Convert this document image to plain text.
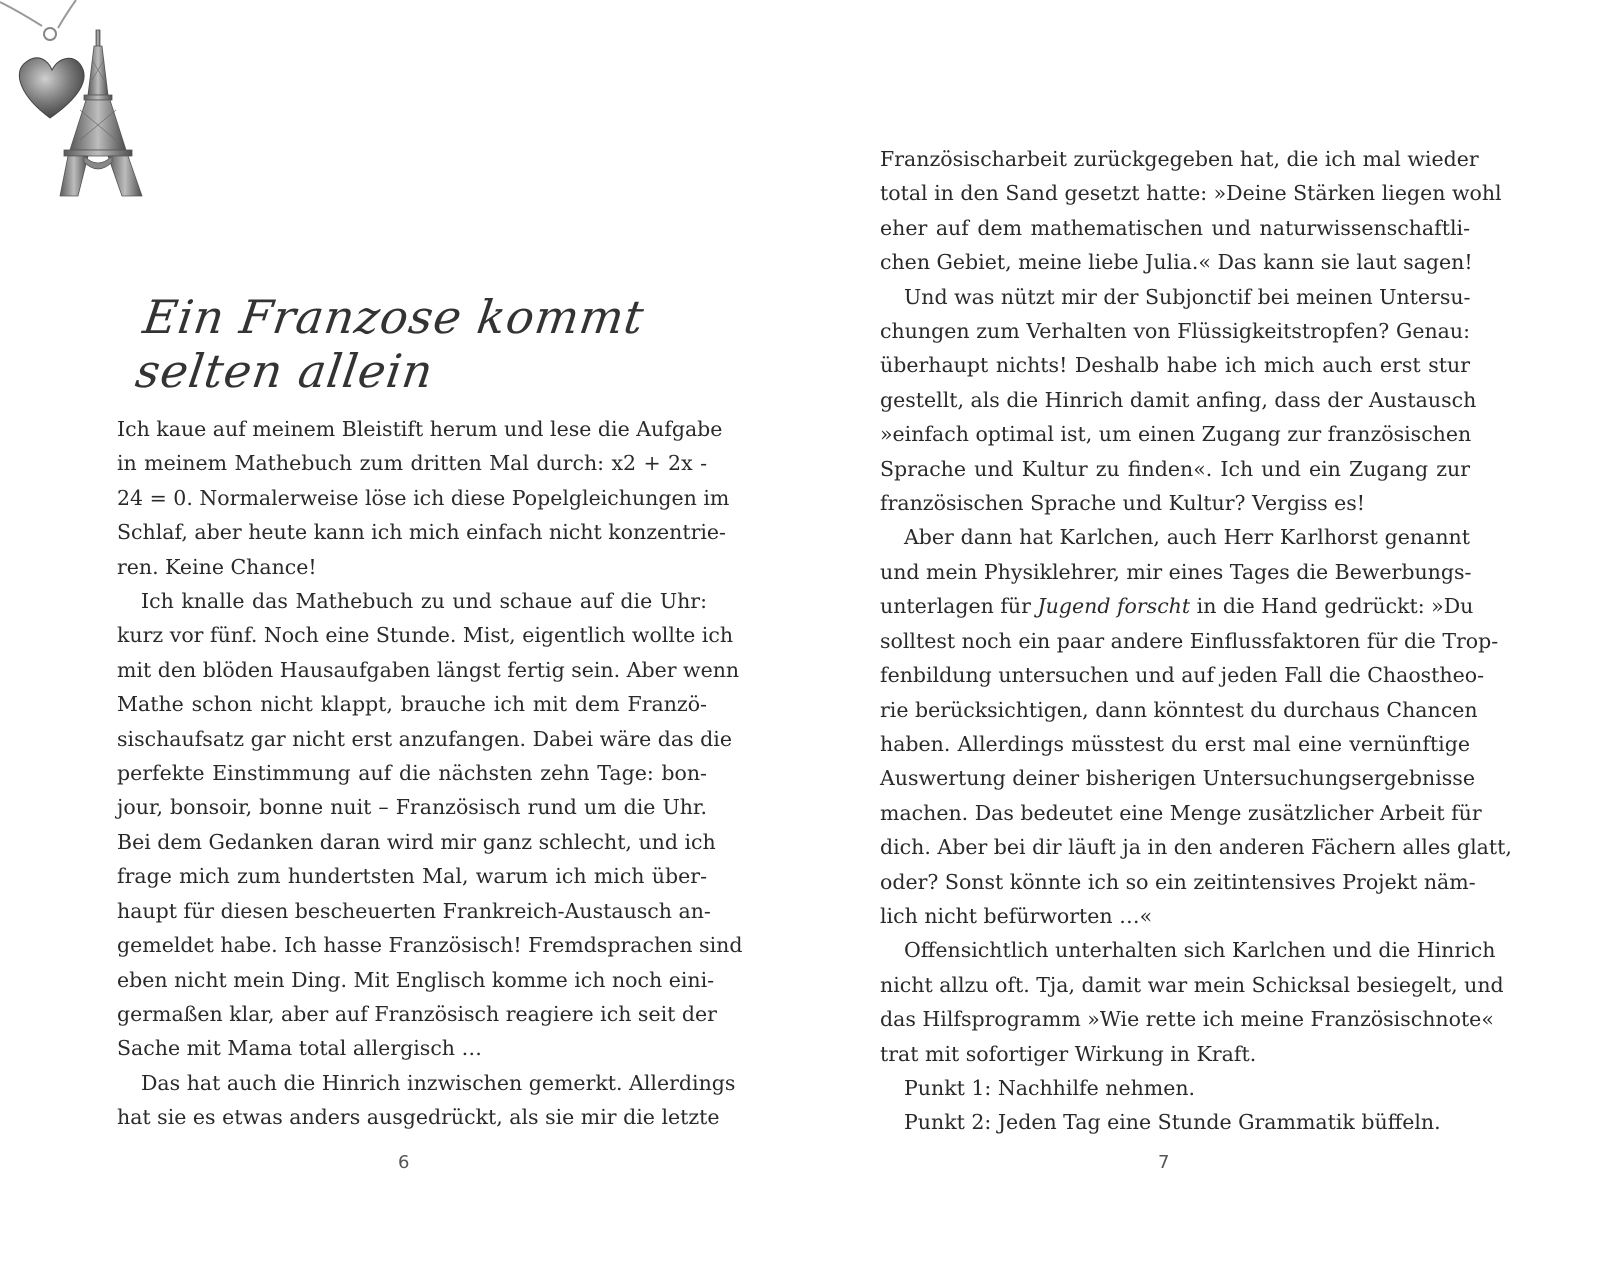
Ein Franzose kommt selten allein
Ich kaue auf meinem Bleistift herum und lese die Aufgabe
in meinem Mathebuch zum dritten Mal durch: x2 + 2x -
24 = 0. Normalerweise löse ich diese Popelgleichungen im
Schlaf, aber heute kann ich mich einfach nicht konzentrie-
ren. Keine Chance!
Ich knalle das Mathebuch zu und schaue auf die Uhr:
kurz vor fünf. Noch eine Stunde. Mist, eigentlich wollte ich
mit den blöden Hausaufgaben längst fertig sein. Aber wenn
Mathe schon nicht klappt, brauche ich mit dem Franzö-
sischaufsatz gar nicht erst anzufangen. Dabei wäre das die
perfekte Einstimmung auf die nächsten zehn Tage: bon-
jour, bonsoir, bonne nuit – Französisch rund um die Uhr.
Bei dem Gedanken daran wird mir ganz schlecht, und ich
frage mich zum hundertsten Mal, warum ich mich über-
haupt für diesen bescheuerten Frankreich-Austausch an-
gemeldet habe. Ich hasse Französisch! Fremdsprachen sind
eben nicht mein Ding. Mit Englisch komme ich noch eini-
germaßen klar, aber auf Französisch reagiere ich seit der
Sache mit Mama total allergisch …
Das hat auch die Hinrich inzwischen gemerkt. Allerdings
hat sie es etwas anders ausgedrückt, als sie mir die letzte
6
Französischarbeit zurückgegeben hat, die ich mal wieder
total in den Sand gesetzt hatte: »Deine Stärken liegen wohl
eher auf dem mathematischen und naturwissenschaftli-
chen Gebiet, meine liebe Julia.« Das kann sie laut sagen!
Und was nützt mir der Subjonctif bei meinen Untersu-
chungen zum Verhalten von Flüssigkeitstropfen? Genau:
überhaupt nichts! Deshalb habe ich mich auch erst stur
gestellt, als die Hinrich damit anfing, dass der Austausch
»einfach optimal ist, um einen Zugang zur französischen
Sprache und Kultur zu finden«. Ich und ein Zugang zur
französischen Sprache und Kultur? Vergiss es!
Aber dann hat Karlchen, auch Herr Karlhorst genannt
und mein Physiklehrer, mir eines Tages die Bewerbungs-
unterlagen für Jugend forscht in die Hand gedrückt: »Du
solltest noch ein paar andere Einflussfaktoren für die Trop-
fenbildung untersuchen und auf jeden Fall die Chaostheo-
rie berücksichtigen, dann könntest du durchaus Chancen
haben. Allerdings müsstest du erst mal eine vernünftige
Auswertung deiner bisherigen Untersuchungsergebnisse
machen. Das bedeutet eine Menge zusätzlicher Arbeit für
dich. Aber bei dir läuft ja in den anderen Fächern alles glatt,
oder? Sonst könnte ich so ein zeitintensives Projekt näm-
lich nicht befürworten …«
Offensichtlich unterhalten sich Karlchen und die Hinrich
nicht allzu oft. Tja, damit war mein Schicksal besiegelt, und
das Hilfsprogramm »Wie rette ich meine Französischnote«
trat mit sofortiger Wirkung in Kraft.
Punkt 1: Nachhilfe nehmen.
Punkt 2: Jeden Tag eine Stunde Grammatik büffeln.
7
